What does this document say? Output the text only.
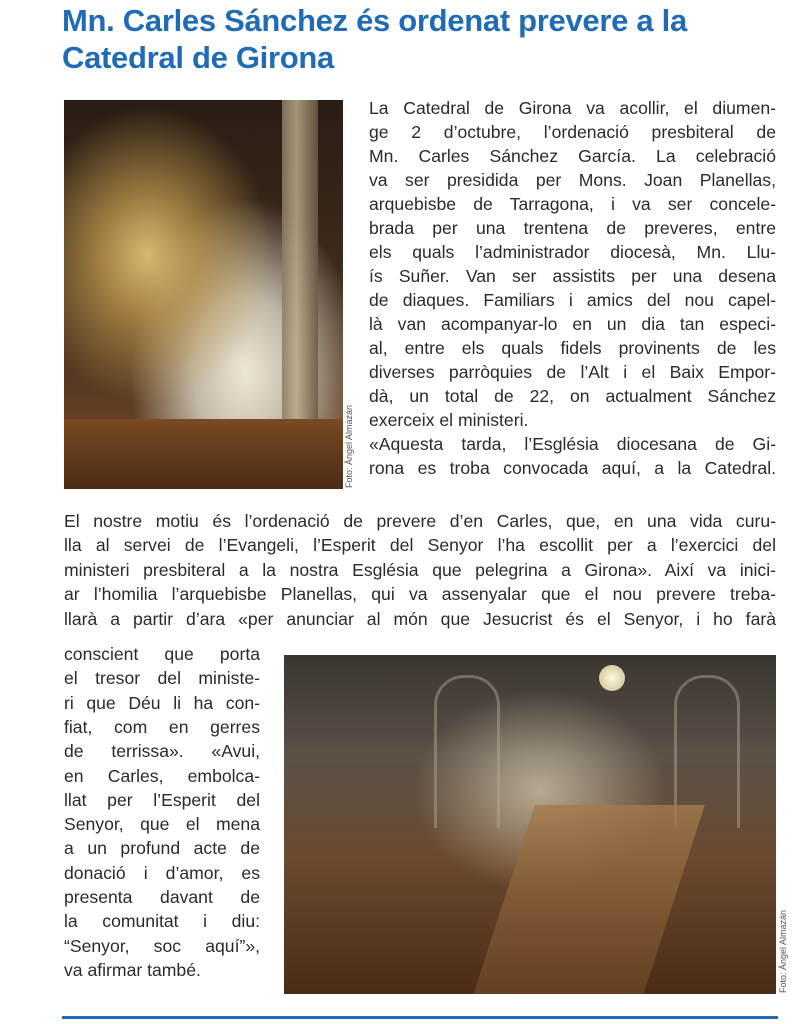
Mn. Carles Sánchez és ordenat prevere a la Catedral de Girona
Foto: Àngel Almazán

La Catedral de Girona va acollir, el diumen-

ge 2 d’octubre, l’ordenació presbiteral de

Mn. Carles Sánchez García. La celebració

va ser presidida per Mons. Joan Planellas,

arquebisbe de Tarragona, i va ser concele-

brada per una trentena de preveres, entre

els quals l’administrador diocesà, Mn. Llu-

ís Suñer. Van ser assistits per una desena

de diaques. Familiars i amics del nou capel-

là van acompanyar-lo en un dia tan especi-

al, entre els quals fidels provinents de les

diverses parròquies de l’Alt i el Baix Empor-

dà, un total de 22, on actualment Sánchez

exerceix el ministeri.

«Aquesta tarda, l’Església diocesana de Gi-

rona es troba convocada aquí, a la Catedral.

El nostre motiu és l’ordenació de prevere d’en Carles, que, en una vida curu-

lla al servei de l’Evangeli, l’Esperit del Senyor l’ha escollit per a l’exercici del

ministeri presbiteral a la nostra Església que pelegrina a Girona». Així va inici-

ar l’homilia l’arquebisbe Planellas, qui va assenyalar que el nou prevere treba-

llarà a partir d’ara «per anunciar al món que Jesucrist és el Senyor, i ho farà

conscient que porta

el tresor del ministe-

ri que Déu li ha con-

fiat, com en gerres

de terrissa». «Avui,

en Carles, embolca-

llat per l’Esperit del

Senyor, que el mena

a un profund acte de

donació i d’amor, es

presenta davant de

la comunitat i diu:

“Senyor, soc aquí”»,

va afirmar també.	Foto: Àngel Almazán
